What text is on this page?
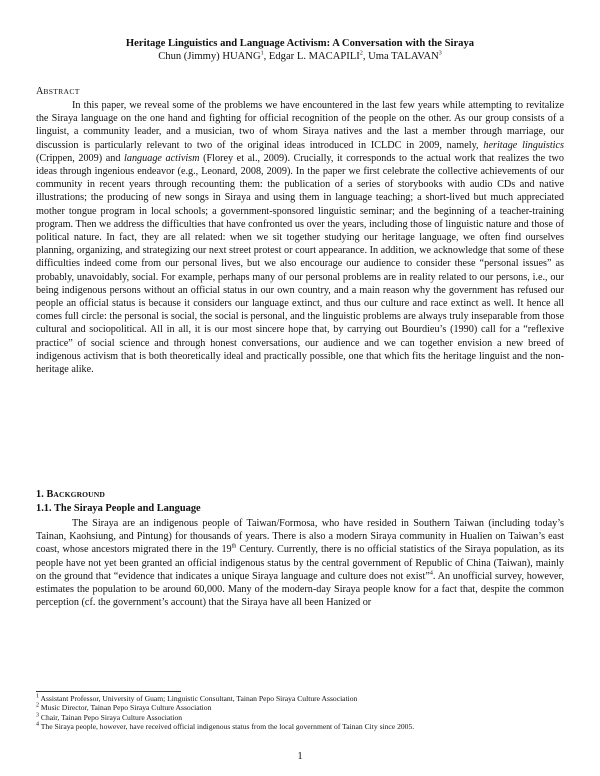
Heritage Linguistics and Language Activism: A Conversation with the Siraya
Chun (Jimmy) HUANG$^1$, Edgar L. MACAPILI$^2$, Uma TALAVAN$^3$
ABSTRACT

In this paper, we reveal some of the problems we have encountered in the last few years while attempting to revitalize the Siraya language on the one hand and fighting for official recognition of the people on the other. As our group consists of a linguist, a community leader, and a musician, two of whom Siraya natives and the last a member through marriage, our discussion is particularly relevant to two of the original ideas introduced in ICLDC in 2009, namely, heritage linguistics (Crippen, 2009) and language activism (Florey et al., 2009). Crucially, it corresponds to the actual work that realizes the two ideas through ingenious endeavor (e.g., Leonard, 2008, 2009). In the paper we first celebrate the collective achievements of our community in recent years through recounting them: the publication of a series of storybooks with audio CDs and native illustrations; the producing of new songs in Siraya and using them in language teaching; a short-lived but much appreciated mother tongue program in local schools; a government-sponsored linguistic seminar; and the beginning of a teacher-training program. Then we address the difficulties that have confronted us over the years, including those of linguistic nature and those of political nature. In fact, they are all related: when we sit together studying our heritage language, we often find ourselves planning, organizing, and strategizing our next street protest or court appearance. In addition, we acknowledge that some of these difficulties indeed come from our personal lives, but we also encourage our audience to consider these “personal issues” as probably, unavoidably, social. For example, perhaps many of our personal problems are in reality related to our persons, i.e., our being indigenous persons without an official status in our own country, and a main reason why the government has refused our people an official status is because it considers our language extinct, and thus our culture and race extinct as well. It hence all comes full circle: the personal is social, the social is personal, and the linguistic problems are always truly inseparable from those cultural and sociopolitical. All in all, it is our most sincere hope that, by carrying out Bourdieu’s (1990) call for a “reflexive practice” of social science and through honest conversations, our audience and we can together envision a new breed of indigenous activism that is both theoretically ideal and practically possible, one that which fits the heritage linguist and the non-heritage alike.

1. BACKGROUND
1.1. The Siraya People and Language

The Siraya are an indigenous people of Taiwan/Formosa, who have resided in Southern Taiwan (including today’s Tainan, Kaohsiung, and Pintung) for thousands of years. There is also a modern Siraya community in Hualien on Taiwan’s east coast, whose ancestors migrated there in the 19th Century. Currently, there is no official statistics of the Siraya population, as its people have not yet been granted an official indigenous status by the central government of Republic of China (Taiwan), mainly on the ground that “evidence that indicates a unique Siraya language and culture does not exist”$^4$. An unofficial survey, however, estimates the population to be around 60,000. Many of the modern-day Siraya people know for a fact that, despite the common perception (cf. the government’s account) that the Siraya have all been Hanized or

$^1$ Assistant Professor, University of Guam; Linguistic Consultant, Tainan Pepo Siraya Culture Association
$^2$ Music Director, Tainan Pepo Siraya Culture Association
$^3$ Chair, Tainan Pepo Siraya Culture Association
$^4$ The Siraya people, however, have received official indigenous status from the local government of Tainan City since 2005.
1
